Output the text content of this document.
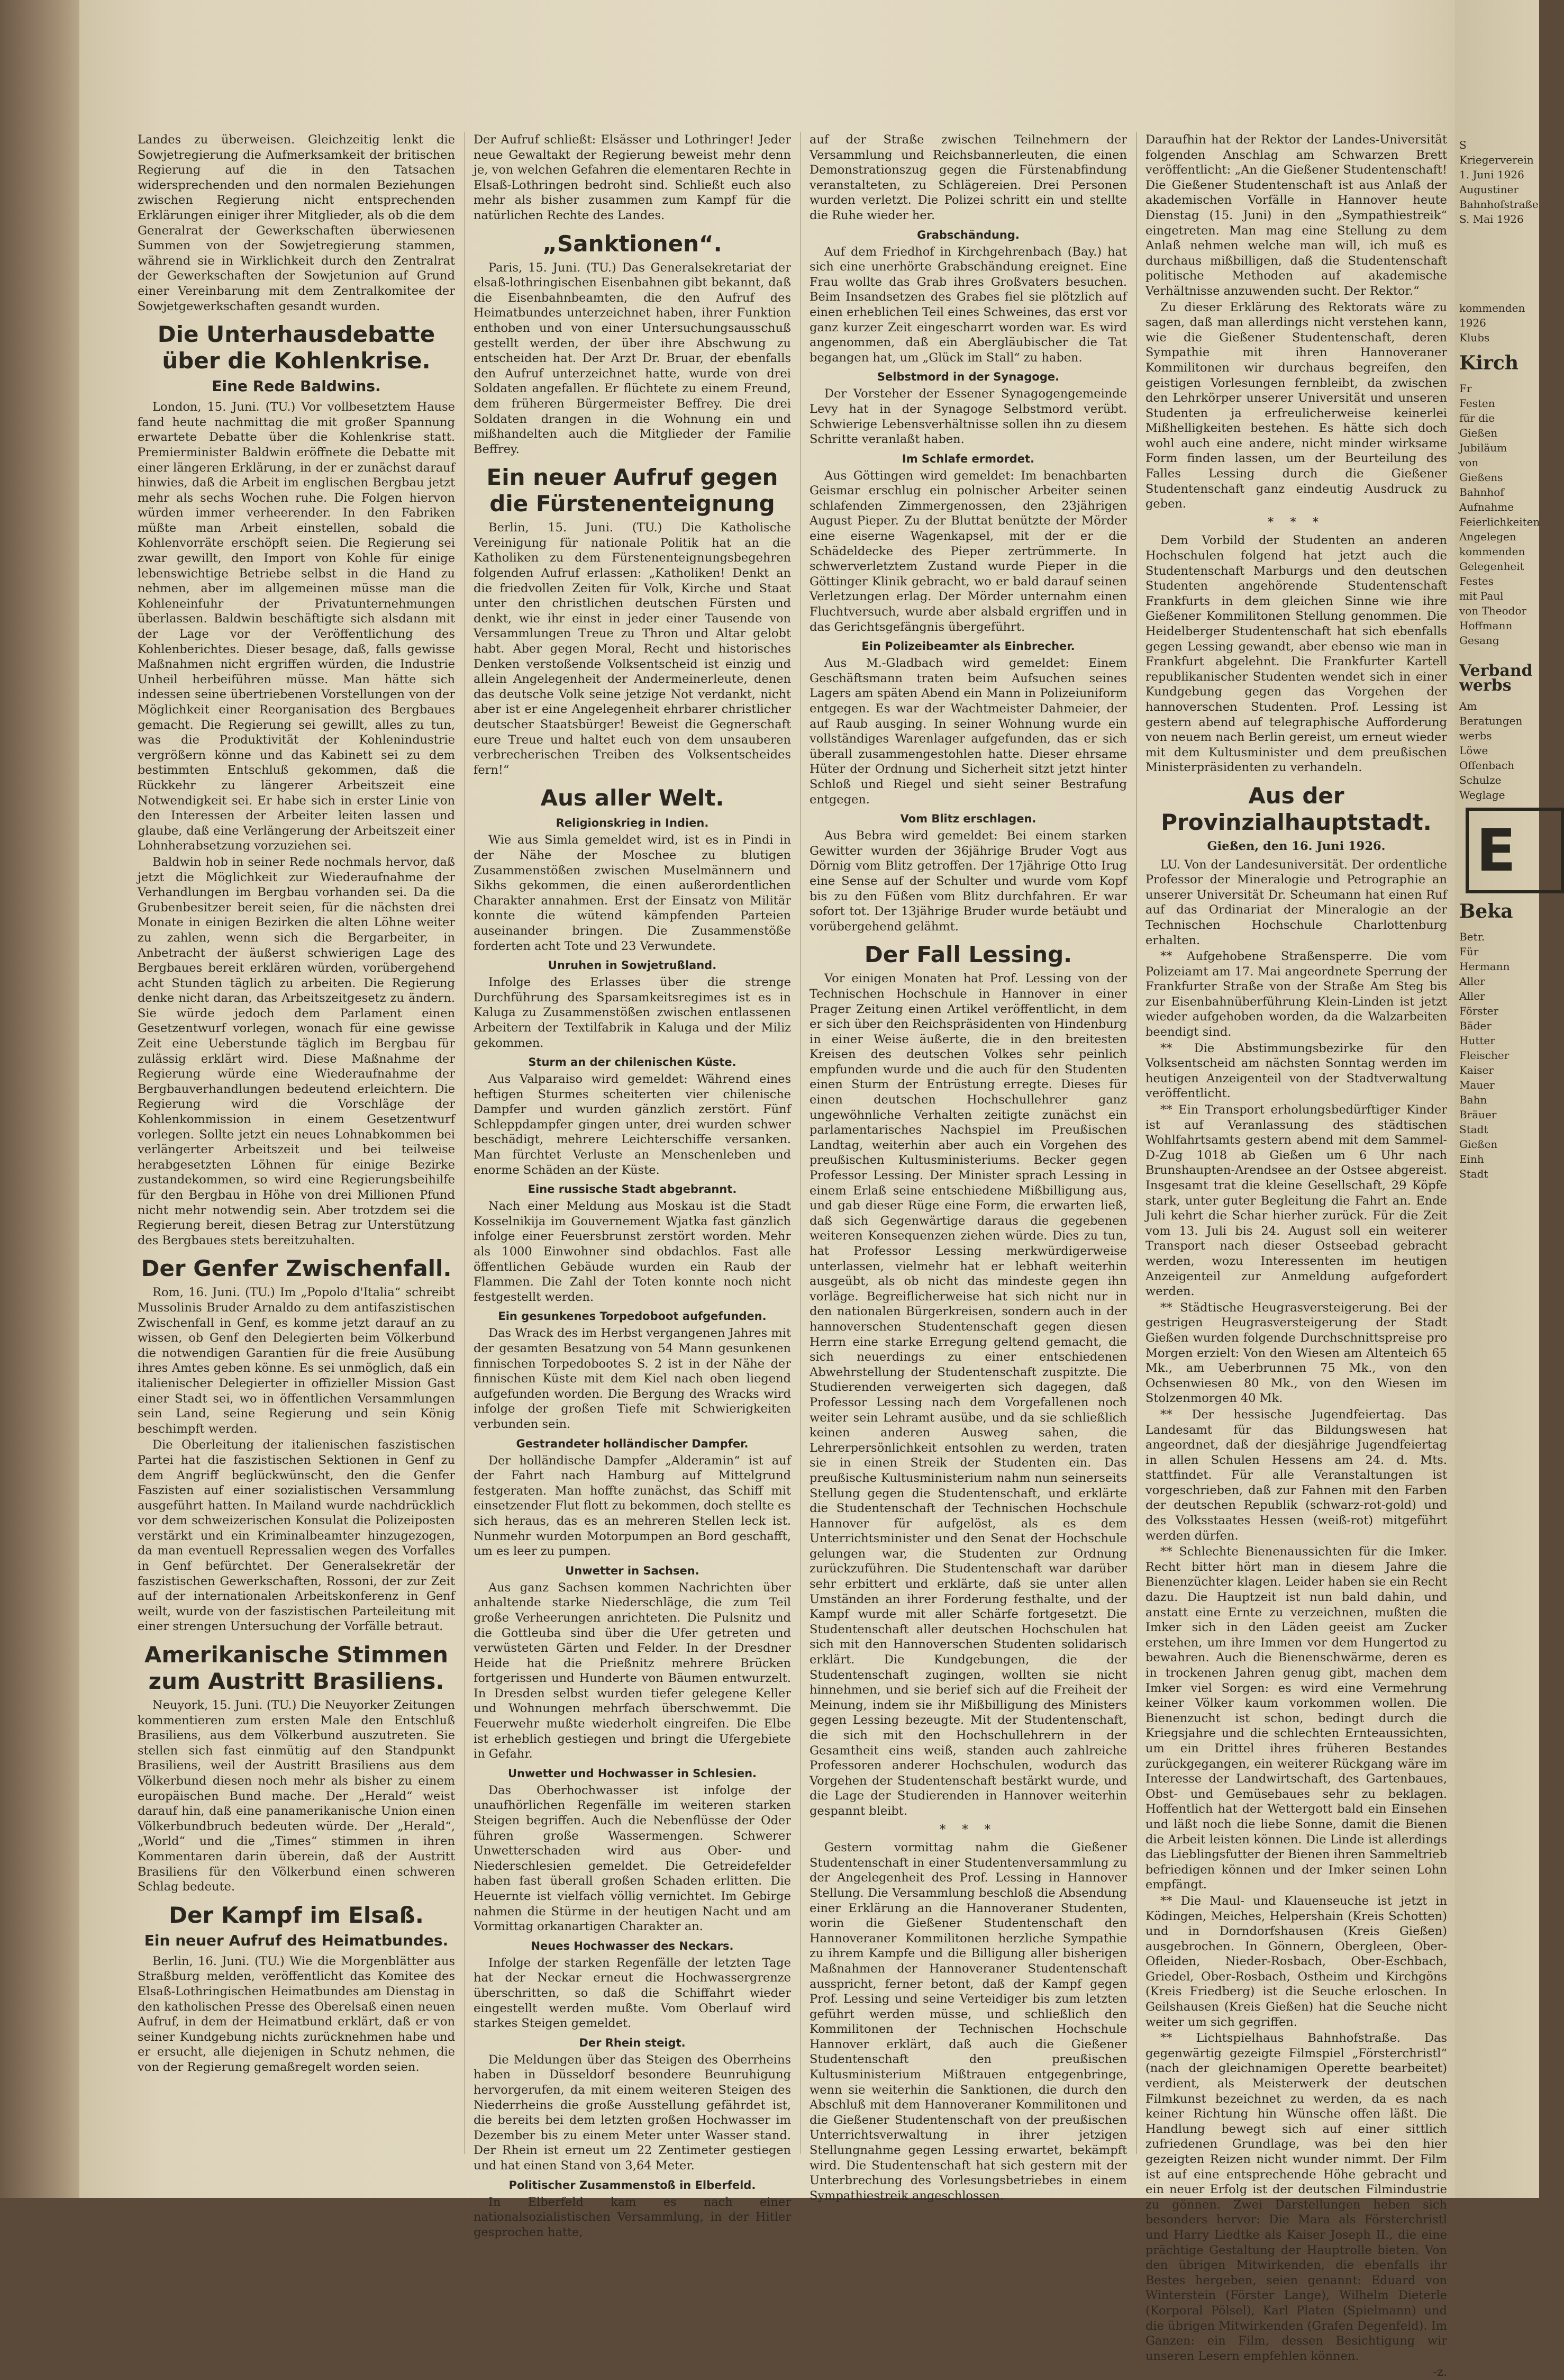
Landes zu überweisen. Gleichzeitig lenkt die Sowjetregierung die Aufmerksamkeit der britischen Regierung auf die in den Tatsachen widersprechenden und den normalen Beziehungen zwischen Regierung nicht entsprechenden Erklärungen einiger ihrer Mitglieder, als ob die dem Generalrat der Gewerkschaften überwiesenen Summen von der Sowjetregierung stammen, während sie in Wirklichkeit durch den Zentralrat der Gewerkschaften der Sowjetunion auf Grund einer Vereinbarung mit dem Zentralkomitee der Sowjetgewerkschaften gesandt wurden.

Die Unterhausdebatte über die Kohlenkrise.
Eine Rede Baldwins.

London, 15. Juni. (TU.) Vor vollbesetztem Hause fand heute nachmittag die mit großer Spannung erwartete Debatte über die Kohlenkrise statt. Premierminister Baldwin eröffnete die Debatte mit einer längeren Erklärung, in der er zunächst darauf hinwies, daß die Arbeit im englischen Bergbau jetzt mehr als sechs Wochen ruhe. Die Folgen hiervon würden immer verheerender. In den Fabriken müßte man Arbeit einstellen, sobald die Kohlenvorräte erschöpft seien. Die Regierung sei zwar gewillt, den Import von Kohle für einige lebenswichtige Betriebe selbst in die Hand zu nehmen, aber im allgemeinen müsse man die Kohleneinfuhr der Privatunternehmungen überlassen. Baldwin beschäftigte sich alsdann mit der Lage vor der Veröffentlichung des Kohlenberichtes. Dieser besage, daß, falls gewisse Maßnahmen nicht ergriffen würden, die Industrie Unheil herbeiführen müsse. Man hätte sich indessen seine übertriebenen Vorstellungen von der Möglichkeit einer Reorganisation des Bergbaues gemacht. Die Regierung sei gewillt, alles zu tun, was die Produktivität der Kohlenindustrie vergrößern könne und das Kabinett sei zu dem bestimmten Entschluß gekommen, daß die Rückkehr zu längerer Arbeitszeit eine Notwendigkeit sei. Er habe sich in erster Linie von den Interessen der Arbeiter leiten lassen und glaube, daß eine Verlängerung der Arbeitszeit einer Lohnherabsetzung vorzuziehen sei.

Baldwin hob in seiner Rede nochmals hervor, daß jetzt die Möglichkeit zur Wiederaufnahme der Verhandlungen im Bergbau vorhanden sei. Da die Grubenbesitzer bereit seien, für die nächsten drei Monate in einigen Bezirken die alten Löhne weiter zu zahlen, wenn sich die Bergarbeiter, in Anbetracht der äußerst schwierigen Lage des Bergbaues bereit erklären würden, vorübergehend acht Stunden täglich zu arbeiten. Die Regierung denke nicht daran, das Arbeitszeitgesetz zu ändern. Sie würde jedoch dem Parlament einen Gesetzentwurf vorlegen, wonach für eine gewisse Zeit eine Ueberstunde täglich im Bergbau für zulässig erklärt wird. Diese Maßnahme der Regierung würde eine Wiederaufnahme der Bergbauverhandlungen bedeutend erleichtern. Die Regierung wird die Vorschläge der Kohlenkommission in einem Gesetzentwurf vorlegen. Sollte jetzt ein neues Lohnabkommen bei verlängerter Arbeitszeit und bei teilweise herabgesetzten Löhnen für einige Bezirke zustandekommen, so wird eine Regierungsbeihilfe für den Bergbau in Höhe von drei Millionen Pfund nicht mehr notwendig sein. Aber trotzdem sei die Regierung bereit, diesen Betrag zur Unterstützung des Bergbaues stets bereitzuhalten.

Der Genfer Zwischenfall.

Rom, 16. Juni. (TU.) Im „Popolo d'Italia“ schreibt Mussolinis Bruder Arnaldo zu dem antifaszistischen Zwischenfall in Genf, es komme jetzt darauf an zu wissen, ob Genf den Delegierten beim Völkerbund die notwendigen Garantien für die freie Ausübung ihres Amtes geben könne. Es sei unmöglich, daß ein italienischer Delegierter in offizieller Mission Gast einer Stadt sei, wo in öffentlichen Versammlungen sein Land, seine Regierung und sein König beschimpft werden.

Die Oberleitung der italienischen faszistischen Partei hat die faszistischen Sektionen in Genf zu dem Angriff beglückwünscht, den die Genfer Faszisten auf einer sozialistischen Versammlung ausgeführt hatten. In Mailand wurde nachdrücklich vor dem schweizerischen Konsulat die Polizeiposten verstärkt und ein Kriminalbeamter hinzugezogen, da man eventuell Repressalien wegen des Vorfalles in Genf befürchtet. Der Generalsekretär der faszistischen Gewerkschaften, Rossoni, der zur Zeit auf der internationalen Arbeitskonferenz in Genf weilt, wurde von der faszistischen Parteileitung mit einer strengen Untersuchung der Vorfälle betraut.

Amerikanische Stimmen zum Austritt Brasiliens.

Neuyork, 15. Juni. (TU.) Die Neuyorker Zeitungen kommentieren zum ersten Male den Entschluß Brasiliens, aus dem Völkerbund auszutreten. Sie stellen sich fast einmütig auf den Standpunkt Brasiliens, weil der Austritt Brasiliens aus dem Völkerbund diesen noch mehr als bisher zu einem europäischen Bund mache. Der „Herald“ weist darauf hin, daß eine panamerikanische Union einen Völkerbundbruch bedeuten würde. Der „Herald“, „World“ und die „Times“ stimmen in ihren Kommentaren darin überein, daß der Austritt Brasiliens für den Völkerbund einen schweren Schlag bedeute.

Der Kampf im Elsaß.
Ein neuer Aufruf des Heimatbundes.

Berlin, 16. Juni. (TU.) Wie die Morgenblätter aus Straßburg melden, veröffentlicht das Komitee des Elsaß-Lothringischen Heimatbundes am Dienstag in den katholischen Presse des Oberelsaß einen neuen Aufruf, in dem der Heimatbund erklärt, daß er von seiner Kundgebung nichts zurücknehmen habe und er ersucht, alle diejenigen in Schutz nehmen, die von der Regierung gemaßregelt worden seien.

Der Aufruf schließt: Elsässer und Lothringer! Jeder neue Gewaltakt der Regierung beweist mehr denn je, von welchen Gefahren die elementaren Rechte in Elsaß-Lothringen bedroht sind. Schließt euch also mehr als bisher zusammen zum Kampf für die natürlichen Rechte des Landes.

„Sanktionen“.

Paris, 15. Juni. (TU.) Das Generalsekretariat der elsaß-lothringischen Eisenbahnen gibt bekannt, daß die Eisenbahnbeamten, die den Aufruf des Heimatbundes unterzeichnet haben, ihrer Funktion enthoben und von einer Untersuchungsausschuß gestellt werden, der über ihre Abschwung zu entscheiden hat. Der Arzt Dr. Bruar, der ebenfalls den Aufruf unterzeichnet hatte, wurde von drei Soldaten angefallen. Er flüchtete zu einem Freund, dem früheren Bürgermeister Beffrey. Die drei Soldaten drangen in die Wohnung ein und mißhandelten auch die Mitglieder der Familie Beffrey.

Ein neuer Aufruf gegen die Fürstenenteignung

Berlin, 15. Juni. (TU.) Die Katholische Vereinigung für nationale Politik hat an die Katholiken zu dem Fürstenenteignungsbegehren folgenden Aufruf erlassen: „Katholiken! Denkt an die friedvollen Zeiten für Volk, Kirche und Staat unter den christlichen deutschen Fürsten und denkt, wie ihr einst in jeder einer Tausende von Versammlungen Treue zu Thron und Altar gelobt habt. Aber gegen Moral, Recht und historisches Denken verstoßende Volksentscheid ist einzig und allein Angelegenheit der Andermeinerleute, denen das deutsche Volk seine jetzige Not verdankt, nicht aber ist er eine Angelegenheit ehrbarer christlicher deutscher Staatsbürger! Beweist die Gegnerschaft eure Treue und haltet euch von dem unsauberen verbrecherischen Treiben des Volksentscheides fern!“

Aus aller Welt.
Religionskrieg in Indien.

Wie aus Simla gemeldet wird, ist es in Pindi in der Nähe der Moschee zu blutigen Zusammenstößen zwischen Muselmännern und Sikhs gekommen, die einen außerordentlichen Charakter annahmen. Erst der Einsatz von Militär konnte die wütend kämpfenden Parteien auseinander bringen. Die Zusammenstöße forderten acht Tote und 23 Verwundete.

Unruhen in Sowjetrußland.

Infolge des Erlasses über die strenge Durchführung des Sparsamkeitsregimes ist es in Kaluga zu Zusammenstößen zwischen entlassenen Arbeitern der Textilfabrik in Kaluga und der Miliz gekommen.

Sturm an der chilenischen Küste.

Aus Valparaiso wird gemeldet: Während eines heftigen Sturmes scheiterten vier chilenische Dampfer und wurden gänzlich zerstört. Fünf Schleppdampfer gingen unter, drei wurden schwer beschädigt, mehrere Leichterschiffe versanken. Man fürchtet Verluste an Menschenleben und enorme Schäden an der Küste.

Eine russische Stadt abgebrannt.

Nach einer Meldung aus Moskau ist die Stadt Kosselnikija im Gouvernement Wjatka fast gänzlich infolge einer Feuersbrunst zerstört worden. Mehr als 1000 Einwohner sind obdachlos. Fast alle öffentlichen Gebäude wurden ein Raub der Flammen. Die Zahl der Toten konnte noch nicht festgestellt werden.

Ein gesunkenes Torpedoboot aufgefunden.

Das Wrack des im Herbst vergangenen Jahres mit der gesamten Besatzung von 54 Mann gesunkenen finnischen Torpedobootes S. 2 ist in der Nähe der finnischen Küste mit dem Kiel nach oben liegend aufgefunden worden. Die Bergung des Wracks wird infolge der großen Tiefe mit Schwierigkeiten verbunden sein.

Gestrandeter holländischer Dampfer.

Der holländische Dampfer „Alderamin“ ist auf der Fahrt nach Hamburg auf Mittelgrund festgeraten. Man hoffte zunächst, das Schiff mit einsetzender Flut flott zu bekommen, doch stellte es sich heraus, das es an mehreren Stellen leck ist. Nunmehr wurden Motorpumpen an Bord geschafft, um es leer zu pumpen.

Unwetter in Sachsen.

Aus ganz Sachsen kommen Nachrichten über anhaltende starke Niederschläge, die zum Teil große Verheerungen anrichteten. Die Pulsnitz und die Gottleuba sind über die Ufer getreten und verwüsteten Gärten und Felder. In der Dresdner Heide hat die Prießnitz mehrere Brücken fortgerissen und Hunderte von Bäumen entwurzelt. In Dresden selbst wurden tiefer gelegene Keller und Wohnungen mehrfach überschwemmt. Die Feuerwehr mußte wiederholt eingreifen. Die Elbe ist erheblich gestiegen und bringt die Ufergebiete in Gefahr.

Unwetter und Hochwasser in Schlesien.

Das Oberhochwasser ist infolge der unaufhörlichen Regenfälle im weiteren starken Steigen begriffen. Auch die Nebenflüsse der Oder führen große Wassermengen. Schwerer Unwetterschaden wird aus Ober- und Niederschlesien gemeldet. Die Getreidefelder haben fast überall großen Schaden erlitten. Die Heuernte ist vielfach völlig vernichtet. Im Gebirge nahmen die Stürme in der heutigen Nacht und am Vormittag orkanartigen Charakter an.

Neues Hochwasser des Neckars.

Infolge der starken Regenfälle der letzten Tage hat der Neckar erneut die Hochwassergrenze überschritten, so daß die Schiffahrt wieder eingestellt werden mußte. Vom Oberlauf wird starkes Steigen gemeldet.

Der Rhein steigt.

Die Meldungen über das Steigen des Oberrheins haben in Düsseldorf besondere Beunruhigung hervorgerufen, da mit einem weiteren Steigen des Niederrheins die große Ausstellung gefährdet ist, die bereits bei dem letzten großen Hochwasser im Dezember bis zu einem Meter unter Wasser stand. Der Rhein ist erneut um 22 Zentimeter gestiegen und hat einen Stand von 3,64 Meter.

Politischer Zusammenstoß in Elberfeld.

In Elberfeld kam es nach einer nationalsozialistischen Versammlung, in der Hitler gesprochen hatte,

auf der Straße zwischen Teilnehmern der Versammlung und Reichsbannerleuten, die einen Demonstrationszug gegen die Fürstenabfindung veranstalteten, zu Schlägereien. Drei Personen wurden verletzt. Die Polizei schritt ein und stellte die Ruhe wieder her.

Grabschändung.

Auf dem Friedhof in Kirchgehrenbach (Bay.) hat sich eine unerhörte Grabschändung ereignet. Eine Frau wollte das Grab ihres Großvaters besuchen. Beim Insandsetzen des Grabes fiel sie plötzlich auf einen erheblichen Teil eines Schweines, das erst vor ganz kurzer Zeit eingescharrt worden war. Es wird angenommen, daß ein Abergläubischer die Tat begangen hat, um „Glück im Stall“ zu haben.

Selbstmord in der Synagoge.

Der Vorsteher der Essener Synagogengemeinde Levy hat in der Synagoge Selbstmord verübt. Schwierige Lebensverhältnisse sollen ihn zu diesem Schritte veranlaßt haben.

Im Schlafe ermordet.

Aus Göttingen wird gemeldet: Im benachbarten Geismar erschlug ein polnischer Arbeiter seinen schlafenden Zimmergenossen, den 23jährigen August Pieper. Zu der Bluttat benützte der Mörder eine eiserne Wagenkapsel, mit der er die Schädeldecke des Pieper zertrümmerte. In schwerverletztem Zustand wurde Pieper in die Göttinger Klinik gebracht, wo er bald darauf seinen Verletzungen erlag. Der Mörder unternahm einen Fluchtversuch, wurde aber alsbald ergriffen und in das Gerichtsgefängnis übergeführt.

Ein Polizeibeamter als Einbrecher.

Aus M.-Gladbach wird gemeldet: Einem Geschäftsmann traten beim Aufsuchen seines Lagers am späten Abend ein Mann in Polizeiuniform entgegen. Es war der Wachtmeister Dahmeier, der auf Raub ausging. In seiner Wohnung wurde ein vollständiges Warenlager aufgefunden, das er sich überall zusammengestohlen hatte. Dieser ehrsame Hüter der Ordnung und Sicherheit sitzt jetzt hinter Schloß und Riegel und sieht seiner Bestrafung entgegen.

Vom Blitz erschlagen.

Aus Bebra wird gemeldet: Bei einem starken Gewitter wurden der 36jährige Bruder Vogt aus Dörnig vom Blitz getroffen. Der 17jährige Otto Irug eine Sense auf der Schulter und wurde vom Kopf bis zu den Füßen vom Blitz durchfahren. Er war sofort tot. Der 13jährige Bruder wurde betäubt und vorübergehend gelähmt.

Der Fall Lessing.

Vor einigen Monaten hat Prof. Lessing von der Technischen Hochschule in Hannover in einer Prager Zeitung einen Artikel veröffentlicht, in dem er sich über den Reichspräsidenten von Hindenburg in einer Weise äußerte, die in den breitesten Kreisen des deutschen Volkes sehr peinlich empfunden wurde und die auch für den Studenten einen Sturm der Entrüstung erregte. Dieses für einen deutschen Hochschullehrer ganz ungewöhnliche Verhalten zeitigte zunächst ein parlamentarisches Nachspiel im Preußischen Landtag, weiterhin aber auch ein Vorgehen des preußischen Kultusministeriums. Becker gegen Professor Lessing. Der Minister sprach Lessing in einem Erlaß seine entschiedene Mißbilligung aus, und gab dieser Rüge eine Form, die erwarten ließ, daß sich Gegenwärtige daraus die gegebenen weiteren Konsequenzen ziehen würde. Dies zu tun, hat Professor Lessing merkwürdigerweise unterlassen, vielmehr hat er lebhaft weiterhin ausgeübt, als ob nicht das mindeste gegen ihn vorläge. Begreiflicherweise hat sich nicht nur in den nationalen Bürgerkreisen, sondern auch in der hannoverschen Studentenschaft gegen diesen Herrn eine starke Erregung geltend gemacht, die sich neuerdings zu einer entschiedenen Abwehrstellung der Studentenschaft zuspitzte. Die Studierenden verweigerten sich dagegen, daß Professor Lessing nach dem Vorgefallenen noch weiter sein Lehramt ausübe, und da sie schließlich keinen anderen Ausweg sahen, die Lehrerpersönlichkeit entsohlen zu werden, traten sie in einen Streik der Studenten ein. Das preußische Kultusministerium nahm nun seinerseits Stellung gegen die Studentenschaft, und erklärte die Studentenschaft der Technischen Hochschule Hannover für aufgelöst, als es dem Unterrichtsminister und den Senat der Hochschule gelungen war, die Studenten zur Ordnung zurückzuführen. Die Studentenschaft war darüber sehr erbittert und erklärte, daß sie unter allen Umständen an ihrer Forderung festhalte, und der Kampf wurde mit aller Schärfe fortgesetzt. Die Studentenschaft aller deutschen Hochschulen hat sich mit den Hannoverschen Studenten solidarisch erklärt. Die Kundgebungen, die der Studentenschaft zugingen, wollten sie nicht hinnehmen, und sie berief sich auf die Freiheit der Meinung, indem sie ihr Mißbilligung des Ministers gegen Lessing bezeugte. Mit der Studentenschaft, die sich mit den Hochschullehrern in der Gesamtheit eins weiß, standen auch zahlreiche Professoren anderer Hochschulen, wodurch das Vorgehen der Studentenschaft bestärkt wurde, und die Lage der Studierenden in Hannover weiterhin gespannt bleibt.

* * *

Gestern vormittag nahm die Gießener Studentenschaft in einer Studentenversammlung zu der Angelegenheit des Prof. Lessing in Hannover Stellung. Die Versammlung beschloß die Absendung einer Erklärung an die Hannoveraner Studenten, worin die Gießener Studentenschaft den Hannoveraner Kommilitonen herzliche Sympathie zu ihrem Kampfe und die Billigung aller bisherigen Maßnahmen der Hannoveraner Studentenschaft ausspricht, ferner betont, daß der Kampf gegen Prof. Lessing und seine Verteidiger bis zum letzten geführt werden müsse, und schließlich den Kommilitonen der Technischen Hochschule Hannover erklärt, daß auch die Gießener Studentenschaft den preußischen Kultusministerium Mißtrauen entgegenbringe, wenn sie weiterhin die Sanktionen, die durch den Abschluß mit dem Hannoveraner Kommilitonen und die Gießener Studentenschaft von der preußischen Unterrichtsverwaltung in ihrer jetzigen Stellungnahme gegen Lessing erwartet, bekämpft wird. Die Studentenschaft hat sich gestern mit der Unterbrechung des Vorlesungsbetriebes in einem Sympathiestreik angeschlossen.

Daraufhin hat der Rektor der Landes-Universität folgenden Anschlag am Schwarzen Brett veröffentlicht: „An die Gießener Studentenschaft! Die Gießener Studentenschaft ist aus Anlaß der akademischen Vorfälle in Hannover heute Dienstag (15. Juni) in den „Sympathiestreik“ eingetreten. Man mag eine Stellung zu dem Anlaß nehmen welche man will, ich muß es durchaus mißbilligen, daß die Studentenschaft politische Methoden auf akademische Verhältnisse anzuwenden sucht. Der Rektor.“

Zu dieser Erklärung des Rektorats wäre zu sagen, daß man allerdings nicht verstehen kann, wie die Gießener Studentenschaft, deren Sympathie mit ihren Hannoveraner Kommilitonen wir durchaus begreifen, den geistigen Vorlesungen fernbleibt, da zwischen den Lehrkörper unserer Universität und unseren Studenten ja erfreulicherweise keinerlei Mißhelligkeiten bestehen. Es hätte sich doch wohl auch eine andere, nicht minder wirksame Form finden lassen, um der Beurteilung des Falles Lessing durch die Gießener Studentenschaft ganz eindeutig Ausdruck zu geben.

* * *

Dem Vorbild der Studenten an anderen Hochschulen folgend hat jetzt auch die Studentenschaft Marburgs und den deutschen Studenten angehörende Studentenschaft Frankfurts in dem gleichen Sinne wie ihre Gießener Kommilitonen Stellung genommen. Die Heidelberger Studentenschaft hat sich ebenfalls gegen Lessing gewandt, aber ebenso wie man in Frankfurt abgelehnt. Die Frankfurter Kartell republikanischer Studenten wendet sich in einer Kundgebung gegen das Vorgehen der hannoverschen Studenten. Prof. Lessing ist gestern abend auf telegraphische Aufforderung von neuem nach Berlin gereist, um erneut wieder mit dem Kultusminister und dem preußischen Ministerpräsidenten zu verhandeln.

Aus der Provinzialhauptstadt.
Gießen, den 16. Juni 1926.

LU. Von der Landesuniversität. Der ordentliche Professor der Mineralogie und Petrographie an unserer Universität Dr. Scheumann hat einen Ruf auf das Ordinariat der Mineralogie an der Technischen Hochschule Charlottenburg erhalten.

** Aufgehobene Straßensperre. Die vom Polizeiamt am 17. Mai angeordnete Sperrung der Frankfurter Straße von der Straße Am Steg bis zur Eisenbahnüberführung Klein-Linden ist jetzt wieder aufgehoben worden, da die Walzarbeiten beendigt sind.

** Die Abstimmungsbezirke für den Volksentscheid am nächsten Sonntag werden im heutigen Anzeigenteil von der Stadtverwaltung veröffentlicht.

** Ein Transport erholungsbedürftiger Kinder ist auf Veranlassung des städtischen Wohlfahrtsamts gestern abend mit dem Sammel-D-Zug 1018 ab Gießen um 6 Uhr nach Brunshaupten-Arendsee an der Ostsee abgereist. Insgesamt trat die kleine Gesellschaft, 29 Köpfe stark, unter guter Begleitung die Fahrt an. Ende Juli kehrt die Schar hierher zurück. Für die Zeit vom 13. Juli bis 24. August soll ein weiterer Transport nach dieser Ostseebad gebracht werden, wozu Interessenten im heutigen Anzeigenteil zur Anmeldung aufgefordert werden.

** Städtische Heugrasversteigerung. Bei der gestrigen Heugrasversteigerung der Stadt Gießen wurden folgende Durchschnittspreise pro Morgen erzielt: Von den Wiesen am Altenteich 65 Mk., am Ueberbrunnen 75 Mk., von den Ochsenwiesen 80 Mk., von den Wiesen im Stolzenmorgen 40 Mk.

** Der hessische Jugendfeiertag. Das Landesamt für das Bildungswesen hat angeordnet, daß der diesjährige Jugendfeiertag in allen Schulen Hessens am 24. d. Mts. stattfindet. Für alle Veranstaltungen ist vorgeschrieben, daß zur Fahnen mit den Farben der deutschen Republik (schwarz-rot-gold) und des Volksstaates Hessen (weiß-rot) mitgeführt werden dürfen.

** Schlechte Bienenaussichten für die Imker. Recht bitter hört man in diesem Jahre die Bienenzüchter klagen. Leider haben sie ein Recht dazu. Die Hauptzeit ist nun bald dahin, und anstatt eine Ernte zu verzeichnen, mußten die Imker sich in den Läden geeist am Zucker erstehen, um ihre Immen vor dem Hungertod zu bewahren. Auch die Bienenschwärme, deren es in trockenen Jahren genug gibt, machen dem Imker viel Sorgen: es wird eine Vermehrung keiner Völker kaum vorkommen wollen. Die Bienenzucht ist schon, bedingt durch die Kriegsjahre und die schlechten Ernteaussichten, um ein Drittel ihres früheren Bestandes zurückgegangen, ein weiterer Rückgang wäre im Interesse der Landwirtschaft, des Gartenbaues, Obst- und Gemüsebaues sehr zu beklagen. Hoffentlich hat der Wettergott bald ein Einsehen und läßt noch die liebe Sonne, damit die Bienen die Arbeit leisten können. Die Linde ist allerdings das Lieblingsfutter der Bienen ihren Sammeltrieb befriedigen können und der Imker seinen Lohn empfängt.

** Die Maul- und Klauenseuche ist jetzt in Ködingen, Meiches, Helpershain (Kreis Schotten) und in Dorndorfshausen (Kreis Gießen) ausgebrochen. In Gönnern, Obergleen, Ober-Ofleiden, Nieder-Rosbach, Ober-Eschbach, Griedel, Ober-Rosbach, Ostheim und Kirchgöns (Kreis Friedberg) ist die Seuche erloschen. In Geilshausen (Kreis Gießen) hat die Seuche nicht weiter um sich gegriffen.

** Lichtspielhaus Bahnhofstraße. Das gegenwärtig gezeigte Filmspiel „Försterchristl“ (nach der gleichnamigen Operette bearbeitet) verdient, als Meisterwerk der deutschen Filmkunst bezeichnet zu werden, da es nach keiner Richtung hin Wünsche offen läßt. Die Handlung bewegt sich auf einer sittlich zufriedenen Grundlage, was bei den hier gezeigten Reizen nicht wunder nimmt. Der Film ist auf eine entsprechende Höhe gebracht und ein neuer Erfolg ist der deutschen Filmindustrie zu gönnen. Zwei Darstellungen heben sich besonders hervor: Die Mara als Försterchristl und Harry Liedtke als Kaiser Joseph II., die eine prächtige Gestaltung der Hauptrolle bieten. Von den übrigen Mitwirkenden, die ebenfalls ihr Bestes hergeben, seien genannt: Eduard von Winterstein (Förster Lange), Wilhelm Dieterle (Korporal Pölsel), Karl Platen (Spielmann) und die übrigen Mitwirkenden (Grafen Degenfeld). Im Ganzen: ein Film, dessen Besichtigung wir unseren Lesern empfehlen können.

-z.
S
Kriegerverein
1. Juni 1926
Augustiner
Bahnhofstraße
S. Mai 1926

kommenden
1926
Klubs
Kirch
Fr
Festen
für die
Gießen
Jubiläum
von
Gießens
Bahnhof
Aufnahme
Feierlichkeiten
Angelegen
kommenden
Gelegenheit
Festes
mit Paul
von Theodor
Hoffmann
Gesang
Verband werbs
Am
Beratungen
werbs
Löwe
Offenbach
Schulze
Weglage
E
Beka
Betr.
Für
Hermann
Aller
Aller
Förster
Bäder
Hutter
Fleischer
Kaiser
Mauer
Bahn
Bräuer
Stadt
Gießen
Einh
Stadt
